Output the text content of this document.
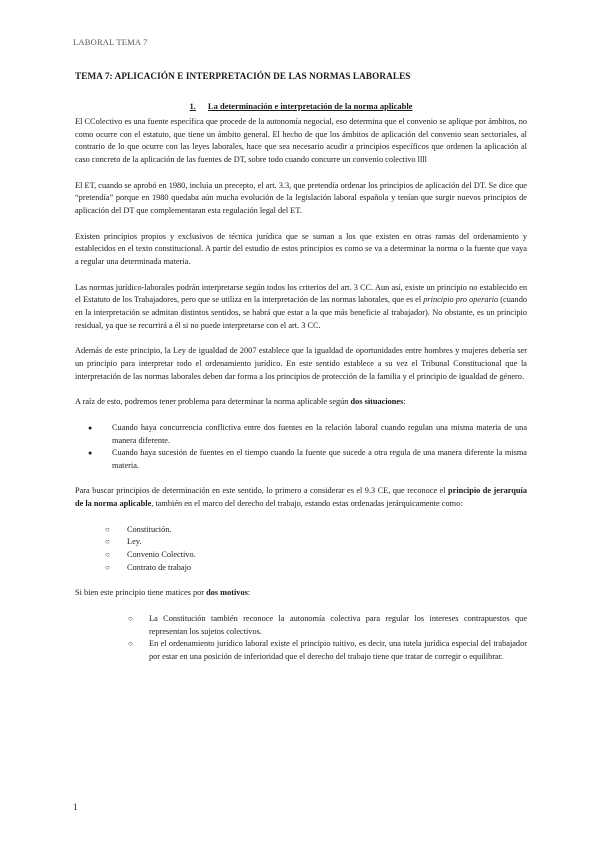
LABORAL TEMA 7
TEMA 7: APLICACIÓN E INTERPRETACIÓN DE LAS NORMAS LABORALES
1. La determinación e interpretación de la norma aplicable

El CColectivo es una fuente específica que procede de la autonomía negocial, eso determina que el convenio se aplique por ámbitos, no como ocurre con el estatuto, que tiene un ámbito general. El hecho de que los ámbitos de aplicación del convenio sean sectoriales, al contrario de lo que ocurre con las leyes laborales, hace que sea necesario acudir a principios específicos que ordenen la aplicación al caso concreto de la aplicación de las fuentes de DT, sobre todo cuando concurre un convenio colectivo llll

El ET, cuando se aprobó en 1980, incluía un precepto, el art. 3.3, que pretendía ordenar los principios de aplicación del DT. Se dice que “pretendía” porque en 1980 quedaba aún mucha evolución de la legislación laboral española y tenían que surgir nuevos principios de aplicación del DT que complementaran esta regulación legal del ET.

Existen principios propios y exclusivos de técnica jurídica que se suman a los que existen en otras ramas del ordenamiento y establecidos en el texto constitucional. A partir del estudio de estos principios es como se va a determinar la norma o la fuente que vaya a regular una determinada materia.

Las normas jurídico-laborales podrán interpretarse según todos los criterios del art. 3 CC. Aun así, existe un principio no establecido en el Estatuto de los Trabajadores, pero que se utiliza en la interpretación de las normas laborales, que es el principio pro operario (cuando en la interpretación se admitan distintos sentidos, se habrá que estar a la que más beneficie al trabajador). No obstante, es un principio residual, ya que se recurrirá a él si no puede interpretarse con el art. 3 CC.

Además de este principio, la Ley de igualdad de 2007 establece que la igualdad de oportunidades entre hombres y mujeres debería ser un principio para interpretar todo el ordenamiento jurídico. En este sentido establece a su vez el Tribunal Constitucional que la interpretación de las normas laborales deben dar forma a los principios de protección de la familia y el principio de igualdad de género.

A raíz de esto, podremos tener problema para determinar la norma aplicable según dos situaciones:

● Cuando haya concurrencia conflictiva entre dos fuentes en la relación laboral cuando regulan una misma materia de una manera diferente.
● Cuando haya sucesión de fuentes en el tiempo cuando la fuente que sucede a otra regula de una manera diferente la misma materia.

Para buscar principios de determinación en este sentido, lo primero a considerar es el 9.3 CE, que reconoce el principio de jerarquía de la norma aplicable, también en el marco del derecho del trabajo, estando estas ordenadas jerárquicamente como:

○ Constitución.
○ Ley.
○ Convenio Colectivo.
○ Contrato de trabajo

Si bien este principio tiene matices por dos motivos:

○ La Constitución también reconoce la autonomía colectiva para regular los intereses contrapuestos que representan los sujetos colectivos.
○ En el ordenamiento jurídico laboral existe el principio tuitivo, es decir, una tutela jurídica especial del trabajador por estar en una posición de inferioridad que el derecho del trabajo tiene que tratar de corregir o equilibrar.
1
